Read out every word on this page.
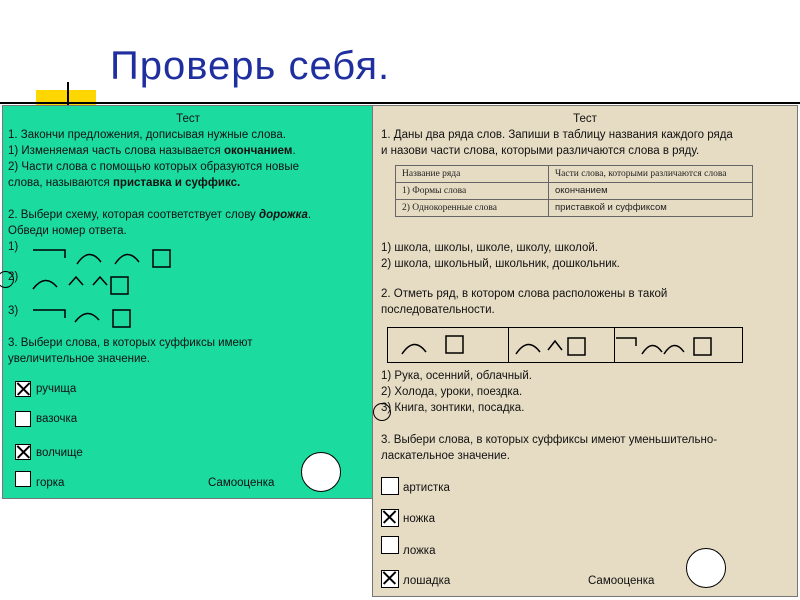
Проверь себя.
Тест
1. Закончи предложения, дописывая нужные слова.
1) Изменяемая часть слова называется окончанием.
2) Части слова с помощью которых образуются новые
слова, называются приставка и суффикс.
2. Выбери схему, которая соответствует слову дорожка.
Обведи номер ответа.
1)
2)
3)
3. Выбери слова, в которых суффиксы имеют
увеличительное значение.
ручища
вазочка
волчище
горка	Самооценка
Тест
1. Даны два ряда слов. Запиши в таблицу названия каждого ряда
и назови части слова, которыми различаются слова в ряду.
Название ряда	Части слова, которыми различаются слова
1) Формы слова	окончанием
2) Однокоренные слова	приставкой и суффиксом
1) школа, школы, школе, школу, школой.
2) школа, школьный, школьник, дошкольник.
2. Отметь ряд, в котором слова расположены в такой
последовательности.
1) Рука, осенний, облачный.
2) Холода, уроки, поездка.
3) Книга, зонтики, посадка.
3. Выбери слова, в которых суффиксы имеют уменьшительно-
ласкательное значение.
артистка
ножка
ложка
лошадка	Самооценка
